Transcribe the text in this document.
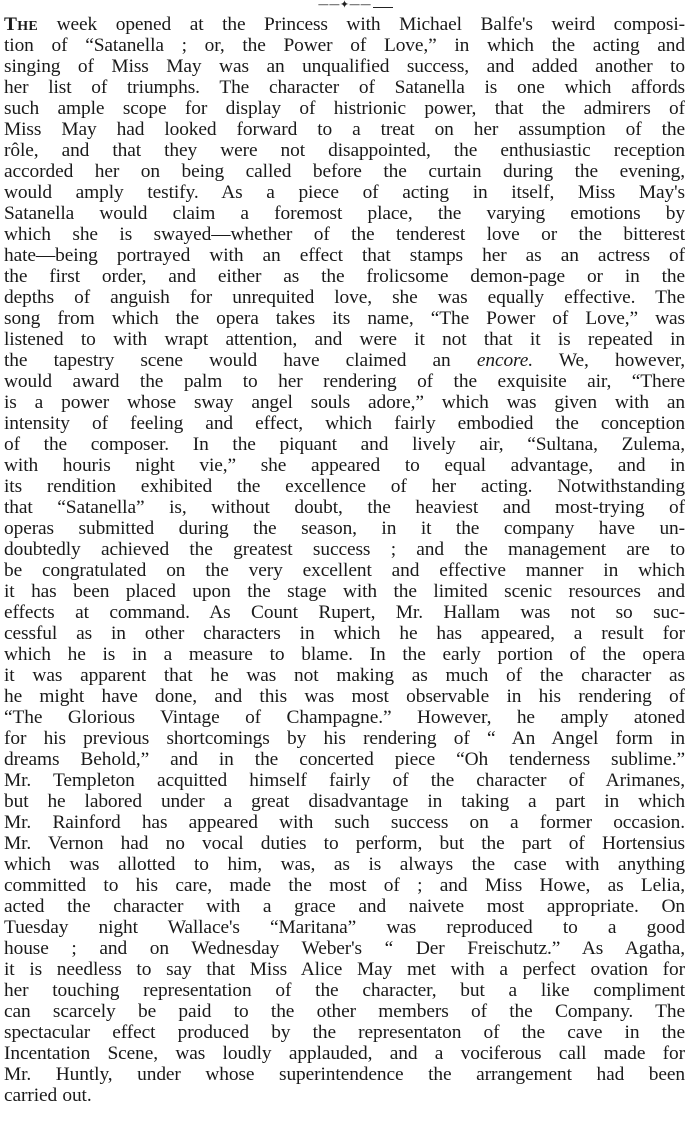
——✦——
The week opened at the Princess with Michael Balfe's weird composi-
tion of “Satanella ; or, the Power of Love,” in which the acting and
singing of Miss May was an unqualified success, and added another to
her list of triumphs. The character of Satanella is one which affords
such ample scope for display of histrionic power, that the admirers of
Miss May had looked forward to a treat on her assumption of the
rôle, and that they were not disappointed, the enthusiastic reception
accorded her on being called before the curtain during the evening,
would amply testify. As a piece of acting in itself, Miss May's
Satanella would claim a foremost place, the varying emotions by
which she is swayed—whether of the tenderest love or the bitterest
hate—being portrayed with an effect that stamps her as an actress of
the first order, and either as the frolicsome demon-page or in the
depths of anguish for unrequited love, she was equally effective. The
song from which the opera takes its name, “The Power of Love,” was
listened to with wrapt attention, and were it not that it is repeated in
the tapestry scene would have claimed an encore. We, however,
would award the palm to her rendering of the exquisite air, “There
is a power whose sway angel souls adore,” which was given with an
intensity of feeling and effect, which fairly embodied the conception
of the composer. In the piquant and lively air, “Sultana, Zulema,
with houris night vie,” she appeared to equal advantage, and in
its rendition exhibited the excellence of her acting. Notwithstanding
that “Satanella” is, without doubt, the heaviest and most-trying of
operas submitted during the season, in it the company have un-
doubtedly achieved the greatest success ; and the management are to
be congratulated on the very excellent and effective manner in which
it has been placed upon the stage with the limited scenic resources and
effects at command. As Count Rupert, Mr. Hallam was not so suc-
cessful as in other characters in which he has appeared, a result for
which he is in a measure to blame. In the early portion of the opera
it was apparent that he was not making as much of the character as
he might have done, and this was most observable in his rendering of
“The Glorious Vintage of Champagne.” However, he amply atoned
for his previous shortcomings by his rendering of “ An Angel form in
dreams Behold,” and in the concerted piece “Oh tenderness sublime.”
Mr. Templeton acquitted himself fairly of the character of Arimanes,
but he labored under a great disadvantage in taking a part in which
Mr. Rainford has appeared with such success on a former occasion.
Mr. Vernon had no vocal duties to perform, but the part of Hortensius
which was allotted to him, was, as is always the case with anything
committed to his care, made the most of ; and Miss Howe, as Lelia,
acted the character with a grace and naivete most appropriate. On
Tuesday night Wallace's “Maritana” was reproduced to a good
house ; and on Wednesday Weber's “ Der Freischutz.” As Agatha,
it is needless to say that Miss Alice May met with a perfect ovation for
her touching representation of the character, but a like compliment
can scarcely be paid to the other members of the Company. The
spectacular effect produced by the representaton of the cave in the
Incentation Scene, was loudly applauded, and a vociferous call made for
Mr. Huntly, under whose superintendence the arrangement had been
carried out.
